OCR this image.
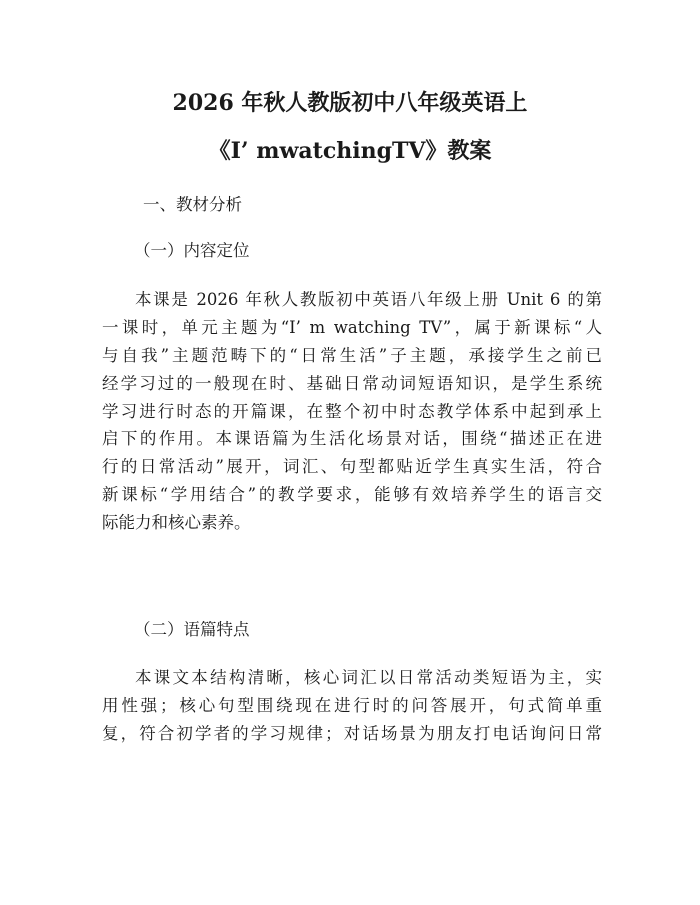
2026 年秋人教版初中八年级英语上
《I’ mwatchingTV》教案
一、教材分析
（一）内容定位
本课是 2026 年秋人教版初中英语八年级上册 Unit 6 的第
一课时，单元主题为“I’ m watching TV”，属于新课标“人
与自我”主题范畴下的“日常生活”子主题，承接学生之前已
经学习过的一般现在时、基础日常动词短语知识，是学生系统
学习进行时态的开篇课，在整个初中时态教学体系中起到承上
启下的作用。本课语篇为生活化场景对话，围绕“描述正在进
行的日常活动”展开，词汇、句型都贴近学生真实生活，符合
新课标“学用结合”的教学要求，能够有效培养学生的语言交
际能力和核心素养。
（二）语篇特点
本课文本结构清晰，核心词汇以日常活动类短语为主，实
用性强；核心句型围绕现在进行时的问答展开，句式简单重
复，符合初学者的学习规律；对话场景为朋友打电话询问日常
